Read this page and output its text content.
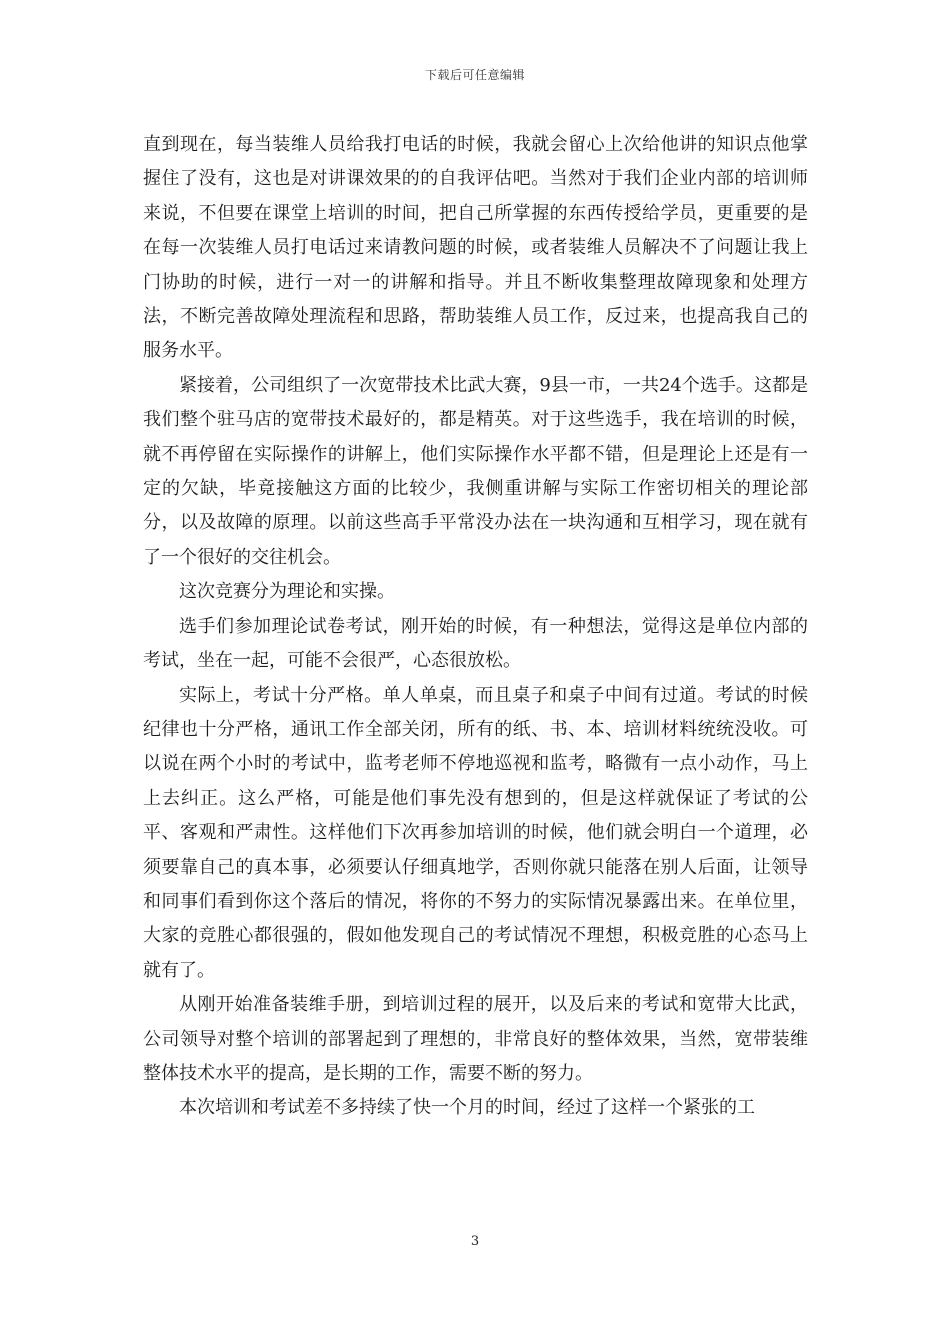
下载后可任意编辑

直到现在，每当装维人员给我打电话的时候，我就会留心上次给他讲的知识点他掌握住了没有，这也是对讲课效果的的自我评估吧。当然对于我们企业内部的培训师来说，不但要在课堂上培训的时间，把自己所掌握的东西传授给学员，更重要的是在每一次装维人员打电话过来请教问题的时候，或者装维人员解决不了问题让我上门协助的时候，进行一对一的讲解和指导。并且不断收集整理故障现象和处理方法，不断完善故障处理流程和思路，帮助装维人员工作，反过来，也提高我自己的服务水平。

紧接着，公司组织了一次宽带技术比武大赛，9县一市，一共24个选手。这都是我们整个驻马店的宽带技术最好的，都是精英。对于这些选手，我在培训的时候，就不再停留在实际操作的讲解上，他们实际操作水平都不错，但是理论上还是有一定的欠缺，毕竟接触这方面的比较少，我侧重讲解与实际工作密切相关的理论部分，以及故障的原理。以前这些高手平常没办法在一块沟通和互相学习，现在就有了一个很好的交往机会。

这次竞赛分为理论和实操。

选手们参加理论试卷考试，刚开始的时候，有一种想法，觉得这是单位内部的考试，坐在一起，可能不会很严，心态很放松。

实际上，考试十分严格。单人单桌，而且桌子和桌子中间有过道。考试的时候纪律也十分严格，通讯工作全部关闭，所有的纸、书、本、培训材料统统没收。可以说在两个小时的考试中，监考老师不停地巡视和监考，略微有一点小动作，马上上去纠正。这么严格，可能是他们事先没有想到的，但是这样就保证了考试的公平、客观和严肃性。这样他们下次再参加培训的时候，他们就会明白一个道理，必须要靠自己的真本事，必须要认仔细真地学，否则你就只能落在别人后面，让领导和同事们看到你这个落后的情况，将你的不努力的实际情况暴露出来。在单位里，大家的竞胜心都很强的，假如他发现自己的考试情况不理想，积极竞胜的心态马上就有了。

从刚开始准备装维手册，到培训过程的展开，以及后来的考试和宽带大比武，公司领导对整个培训的部署起到了理想的，非常良好的整体效果，当然，宽带装维整体技术水平的提高，是长期的工作，需要不断的努力。

本次培训和考试差不多持续了快一个月的时间，经过了这样一个紧张的工

3
